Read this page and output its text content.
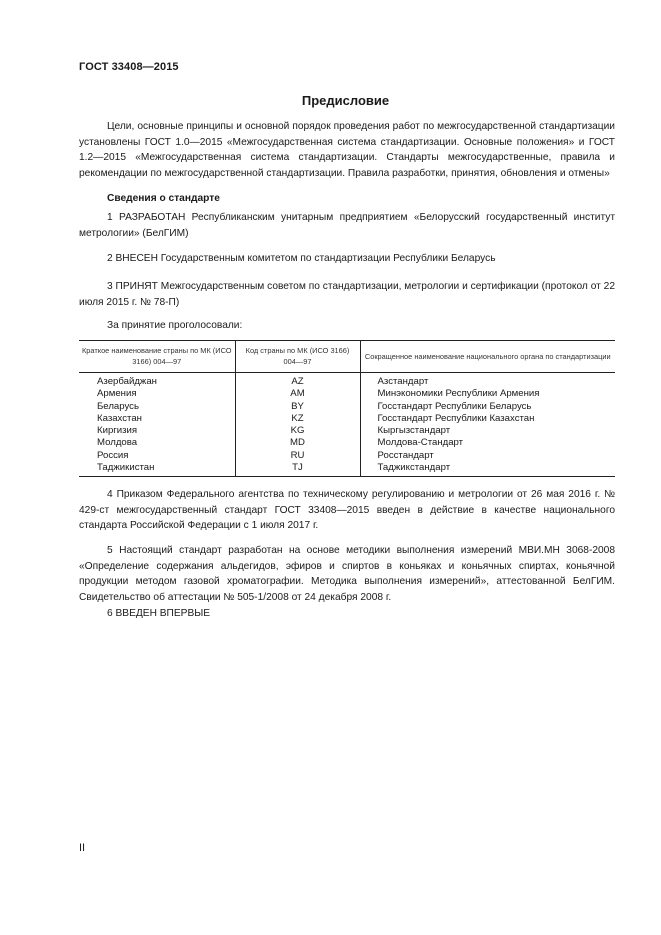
ГОСТ 33408—2015
Предисловие

Цели, основные принципы и основной порядок проведения работ по межгосударственной стандартизации установлены ГОСТ 1.0—2015 «Межгосударственная система стандартизации. Основные положения» и ГОСТ 1.2—2015 «Межгосударственная система стандартизации. Стандарты межгосударственные, правила и рекомендации по межгосударственной стандартизации. Правила разработки, принятия, обновления и отмены»

Сведения о стандарте

1 РАЗРАБОТАН Республиканским унитарным предприятием «Белорусский государственный институт метрологии» (БелГИМ)

2 ВНЕСЕН Государственным комитетом по стандартизации Республики Беларусь

3 ПРИНЯТ Межгосударственным советом по стандартизации, метрологии и сертификации (протокол от 22 июля 2015 г. № 78-П)

За принятие проголосовали:
Краткое наименование страны по МК (ИСО 3166) 004—97	Код страны по МК (ИСО 3166) 004—97	Сокращенное наименование национального органа по стандартизации
Азербайджан	AZ	Азстандарт
Армения	AM	Минэкономики Республики Армения
Беларусь	BY	Госстандарт Республики Беларусь
Казахстан	KZ	Госстандарт Республики Казахстан
Киргизия	KG	Кыргызстандарт
Молдова	MD	Молдова-Стандарт
Россия	RU	Росстандарт
Таджикистан	TJ	Таджикстандарт

4 Приказом Федерального агентства по техническому регулированию и метрологии от 26 мая 2016 г. № 429-ст межгосударственный стандарт ГОСТ 33408—2015 введен в действие в качестве национального стандарта Российской Федерации с 1 июля 2017 г.

5 Настоящий стандарт разработан на основе методики выполнения измерений МВИ.МН 3068-2008 «Определение содержания альдегидов, эфиров и спиртов в коньяках и коньячных спиртах, коньячной продукции методом газовой хроматографии. Методика выполнения измерений», аттестованной БелГИМ. Свидетельство об аттестации № 505-1/2008 от 24 декабря 2008 г.

6 ВВЕДЕН ВПЕРВЫЕ

II
